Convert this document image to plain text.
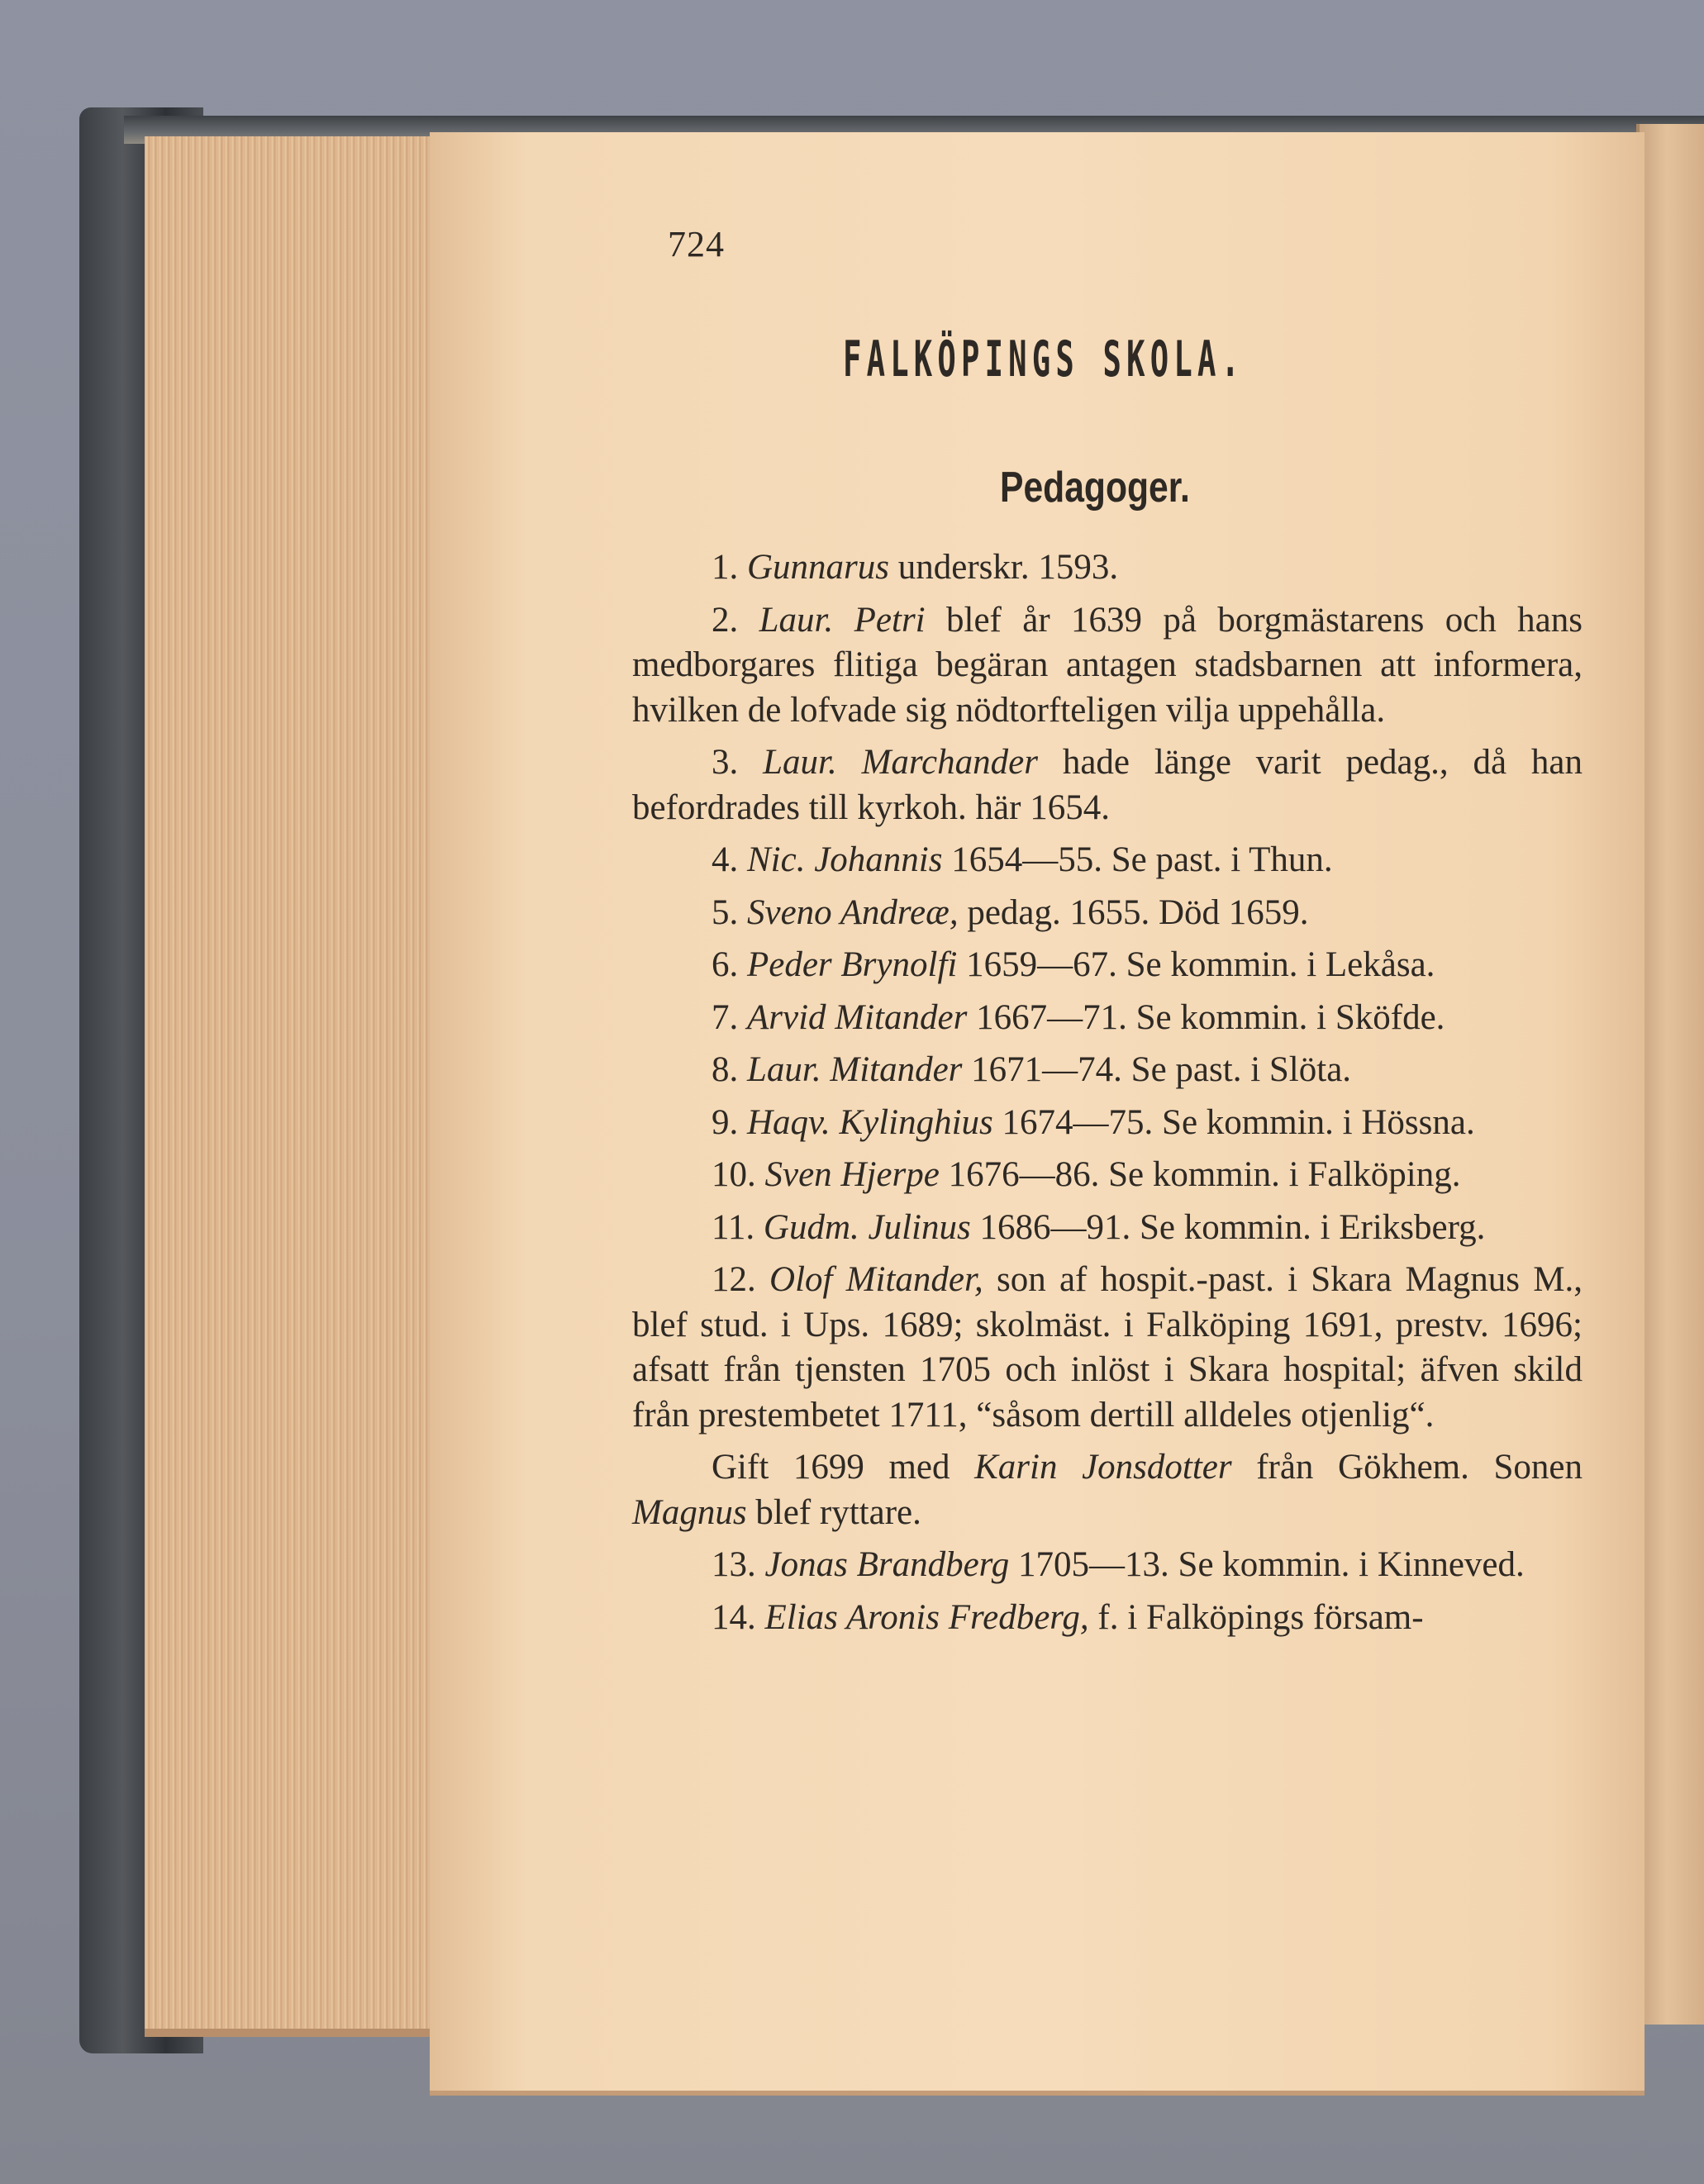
724
FALKÖPINGS SKOLA.
Pedagoger.

1. Gunnarus underskr. 1593.

2. Laur. Petri blef år 1639 på borgmästarens och hans medborgares flitiga begäran antagen stadsbarnen att informera, hvilken de lofvade sig nödtorfteligen vilja uppehålla.

3. Laur. Marchander hade länge varit pedag., då han befordrades till kyrkoh. här 1654.

4. Nic. Johannis 1654—55. Se past. i Thun.

5. Sveno Andreæ, pedag. 1655. Död 1659.

6. Peder Brynolfi 1659—67. Se kommin. i Lekåsa.

7. Arvid Mitander 1667—71. Se kommin. i Sköfde.

8. Laur. Mitander 1671—74. Se past. i Slöta.

9. Haqv. Kylinghius 1674—75. Se kommin. i Hössna.

10. Sven Hjerpe 1676—86. Se kommin. i Falköping.

11. Gudm. Julinus 1686—91. Se kommin. i Eriksberg.

12. Olof Mitander, son af hospit.-past. i Skara Magnus M., blef stud. i Ups. 1689; skolmäst. i Falköping 1691, prestv. 1696; afsatt från tjensten 1705 och inlöst i Skara hospital; äfven skild från prestembetet 1711, “såsom dertill alldeles otjenlig“.

Gift 1699 med Karin Jonsdotter från Gökhem. Sonen Magnus blef ryttare.

13. Jonas Brandberg 1705—13. Se kommin. i Kinneved.

14. Elias Aronis Fredberg, f. i Falköpings försam-
